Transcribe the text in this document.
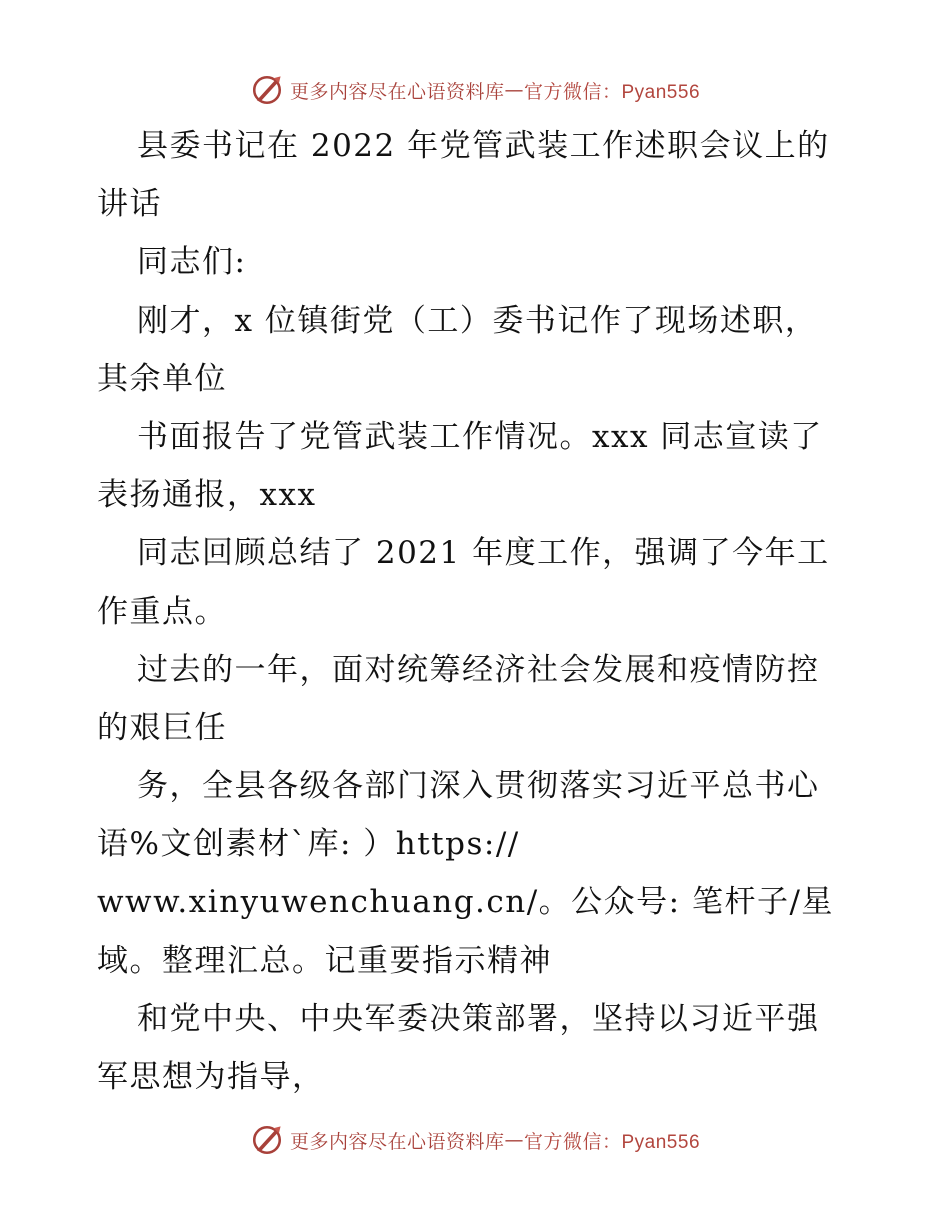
更多内容尽在心语资料库 — 官方微信：Pyan556
县委书记在 2022 年党管武装工作述职会议上的
讲话
同志们:
刚才，x 位镇街党（工）委书记作了现场述职，
其余单位
书面报告了党管武装工作情况。xxx 同志宣读了
表扬通报，xxx
同志回顾总结了 2021 年度工作，强调了今年工
作重点。
过去的一年，面对统筹经济社会发展和疫情防控
的艰巨任
务，全县各级各部门深入贯彻落实习近平总书心
语%文创素材`库: ）https://
www.xinyuwenchuang.cn/。公众号: 笔杆子/星
域。整理汇总。记重要指示精神
和党中央、中央军委决策部署，坚持以习近平强
军思想为指导，
更多内容尽在心语资料库 — 官方微信：Pyan556
